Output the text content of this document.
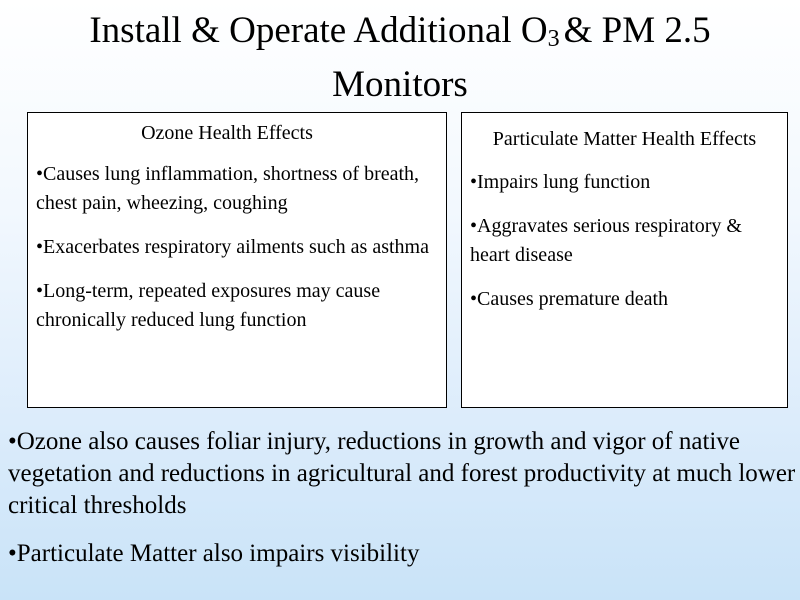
Install & Operate Additional O3 & PM 2.5
Monitors

Ozone Health Effects

•Causes lung inflammation, shortness of breath, chest pain, wheezing, coughing

•Exacerbates respiratory ailments such as asthma

•Long-term, repeated exposures may cause chronically reduced lung function

Particulate Matter Health Effects

•Impairs lung function

•Aggravates serious respiratory & heart disease

•Causes premature death

•Ozone also causes foliar injury, reductions in growth and vigor of native vegetation and reductions in agricultural and forest productivity at much lower critical thresholds

•Particulate Matter also impairs visibility
